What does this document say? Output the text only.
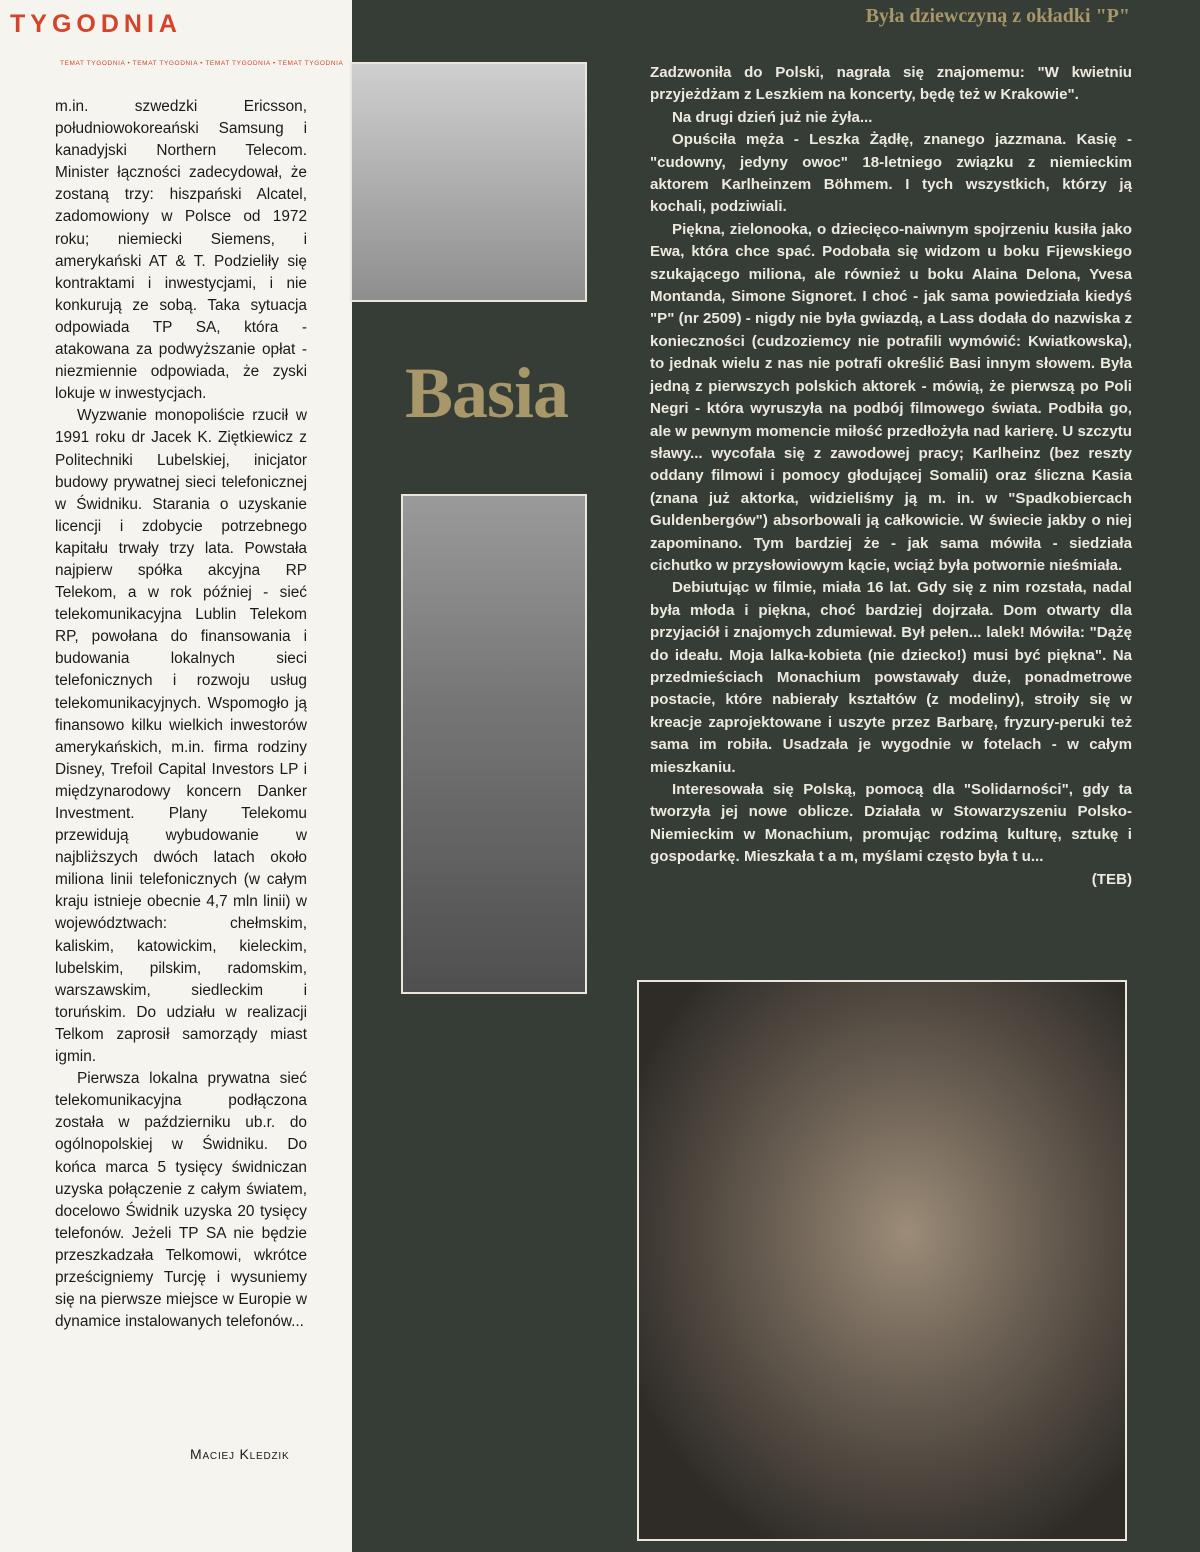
TYGODNIA
TEMAT TYGODNIA • TEMAT TYGODNIA • TEMAT TYGODNIA • TEMAT TYGODNIA

m.in. szwedzki Ericsson, południowokoreański Samsung i kanadyjski Northern Telecom. Minister łączności zadecydował, że zostaną trzy: hiszpański Alcatel, zadomowiony w Polsce od 1972 roku; niemiecki Siemens, i amerykański AT & T. Podzieliły się kontraktami i inwestycjami, i nie konkurują ze sobą. Taka sytuacja odpowiada TP SA, która - atakowana za podwyższanie opłat - niezmiennie odpowiada, że zyski lokuje w inwestycjach.

Wyzwanie monopoliście rzucił w 1991 roku dr Jacek K. Ziętkiewicz z Politechniki Lubelskiej, inicjator budowy prywatnej sieci telefonicznej w Świdniku. Starania o uzyskanie licencji i zdobycie potrzebnego kapitału trwały trzy lata. Powstała najpierw spółka akcyjna RP Telekom, a w rok później - sieć telekomunikacyjna Lublin Telekom RP, powołana do finansowania i budowania lokalnych sieci telefonicznych i rozwoju usług telekomunikacyjnych. Wspomogło ją finansowo kilku wielkich inwestorów amerykańskich, m.in. firma rodziny Disney, Trefoil Capital Investors LP i międzynarodowy koncern Danker Investment. Plany Telekomu przewidują wybudowanie w najbliższych dwóch latach około miliona linii telefonicznych (w całym kraju istnieje obecnie 4,7 mln linii) w województwach: chełmskim, kaliskim, katowickim, kieleckim, lubelskim, pilskim, radomskim, warszawskim, siedleckim i toruńskim. Do udziału w realizacji Telkom zaprosił samorządy miast igmin.

Pierwsza lokalna prywatna sieć telekomunikacyjna podłączona została w październiku ub.r. do ogólnopolskiej w Świdniku. Do końca marca 5 tysięcy świdniczan uzyska połączenie z całym światem, docelowo Świdnik uzyska 20 tysięcy telefonów. Jeżeli TP SA nie będzie przeszkadzała Telkomowi, wkrótce prześcigniemy Turcję i wysuniemy się na pierwsze miejsce w Europie w dynamice instalowanych telefonów...

Maciej Kledzik
Była dziewczyną z okładki "P"
Basia

Zadzwoniła do Polski, nagrała się znajomemu: "W kwietniu przyjeżdżam z Leszkiem na koncerty, będę też w Krakowie".

Na drugi dzień już nie żyła...

Opuściła męża - Leszka Żądłę, znanego jazzmana. Kasię - "cudowny, jedyny owoc" 18-letniego związku z niemieckim aktorem Karlheinzem Böhmem. I tych wszystkich, którzy ją kochali, podziwiali.

Piękna, zielonooka, o dziecięco-naiwnym spojrzeniu kusiła jako Ewa, która chce spać. Podobała się widzom u boku Fijewskiego szukającego miliona, ale również u boku Alaina Delona, Yvesa Montanda, Simone Signoret. I choć - jak sama powiedziała kiedyś "P" (nr 2509) - nigdy nie była gwiazdą, a Lass dodała do nazwiska z konieczności (cudzoziemcy nie potrafili wymówić: Kwiatkowska), to jednak wielu z nas nie potrafi określić Basi innym słowem. Była jedną z pierwszych polskich aktorek - mówią, że pierwszą po Poli Negri - która wyruszyła na podbój filmowego świata. Podbiła go, ale w pewnym momencie miłość przedłożyła nad karierę. U szczytu sławy... wycofała się z zawodowej pracy; Karlheinz (bez reszty oddany filmowi i pomocy głodującej Somalii) oraz śliczna Kasia (znana już aktorka, widzieliśmy ją m. in. w "Spadkobiercach Guldenbergów") absorbowali ją całkowicie. W świecie jakby o niej zapominano. Tym bardziej że - jak sama mówiła - siedziała cichutko w przysłowiowym kącie, wciąż była potwornie nieśmiała.

Debiutując w filmie, miała 16 lat. Gdy się z nim rozstała, nadal była młoda i piękna, choć bardziej dojrzała. Dom otwarty dla przyjaciół i znajomych zdumiewał. Był pełen... lalek! Mówiła: "Dążę do ideału. Moja lalka-kobieta (nie dziecko!) musi być piękna". Na przedmieściach Monachium powstawały duże, ponadmetrowe postacie, które nabierały kształtów (z modeliny), stroiły się w kreacje zaprojektowane i uszyte przez Barbarę, fryzury-peruki też sama im robiła. Usadzała je wygodnie w fotelach - w całym mieszkaniu.

Interesowała się Polską, pomocą dla "Solidarności", gdy ta tworzyła jej nowe oblicze. Działała w Stowarzyszeniu Polsko-Niemieckim w Monachium, promując rodzimą kulturę, sztukę i gospodarkę. Mieszkała t a m, myślami często była t u...

(TEB)
